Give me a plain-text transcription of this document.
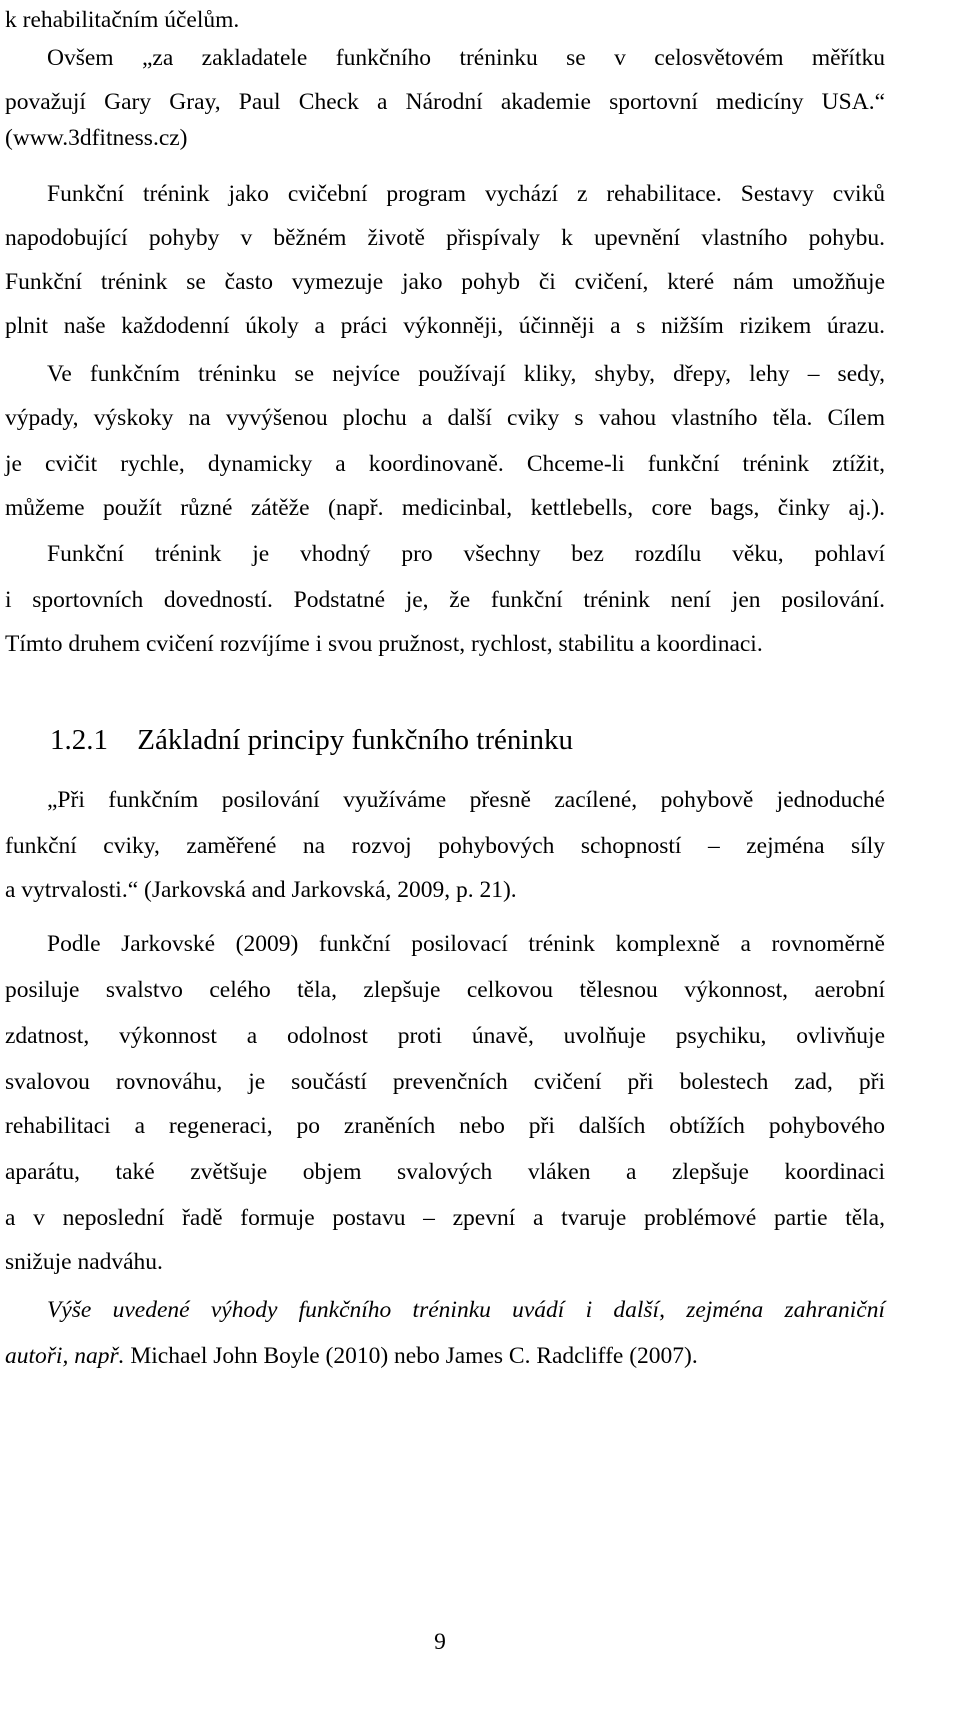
k rehabilitačním účelům.
Ovšem „za zakladatele funkčního tréninku se v celosvětovém měřítku
považují Gary Gray, Paul Check a Národní akademie sportovní medicíny USA.“
(www.3dfitness.cz)
Funkční trénink jako cvičební program vychází z rehabilitace. Sestavy cviků
napodobující pohyby v běžném životě přispívaly k upevnění vlastního pohybu.
Funkční trénink se často vymezuje jako pohyb či cvičení, které nám umožňuje
plnit naše každodenní úkoly a práci výkonněji, účinněji a s nižším rizikem úrazu.
Ve funkčním tréninku se nejvíce používají kliky, shyby, dřepy, lehy – sedy,
výpady, výskoky na vyvýšenou plochu a další cviky s vahou vlastního těla. Cílem
je cvičit rychle, dynamicky a koordinovaně. Chceme-li funkční trénink ztížit,
můžeme použít různé zátěže (např. medicinbal, kettlebells, core bags, činky aj.).
Funkční trénink je vhodný pro všechny bez rozdílu věku, pohlaví
i sportovních dovedností. Podstatné je, že funkční trénink není jen posilování.
Tímto druhem cvičení rozvíjíme i svou pružnost, rychlost, stabilitu a koordinaci.
1.2.1 Základní principy funkčního tréninku
„Při funkčním posilování využíváme přesně zacílené, pohybově jednoduché
funkční cviky, zaměřené na rozvoj pohybových schopností – zejména síly
a vytrvalosti.“ (Jarkovská and Jarkovská, 2009, p. 21).
Podle Jarkovské (2009) funkční posilovací trénink komplexně a rovnoměrně
posiluje svalstvo celého těla, zlepšuje celkovou tělesnou výkonnost, aerobní
zdatnost, výkonnost a odolnost proti únavě, uvolňuje psychiku, ovlivňuje
svalovou rovnováhu, je součástí prevenčních cvičení při bolestech zad, při
rehabilitaci a regeneraci, po zraněních nebo při dalších obtížích pohybového
aparátu, také zvětšuje objem svalových vláken a zlepšuje koordinaci
a v neposlední řadě formuje postavu – zpevní a tvaruje problémové partie těla,
snižuje nadváhu.
Výše uvedené výhody funkčního tréninku uvádí i další, zejména zahraniční
autoři, např. Michael John Boyle (2010) nebo James C. Radcliffe (2007).
9
